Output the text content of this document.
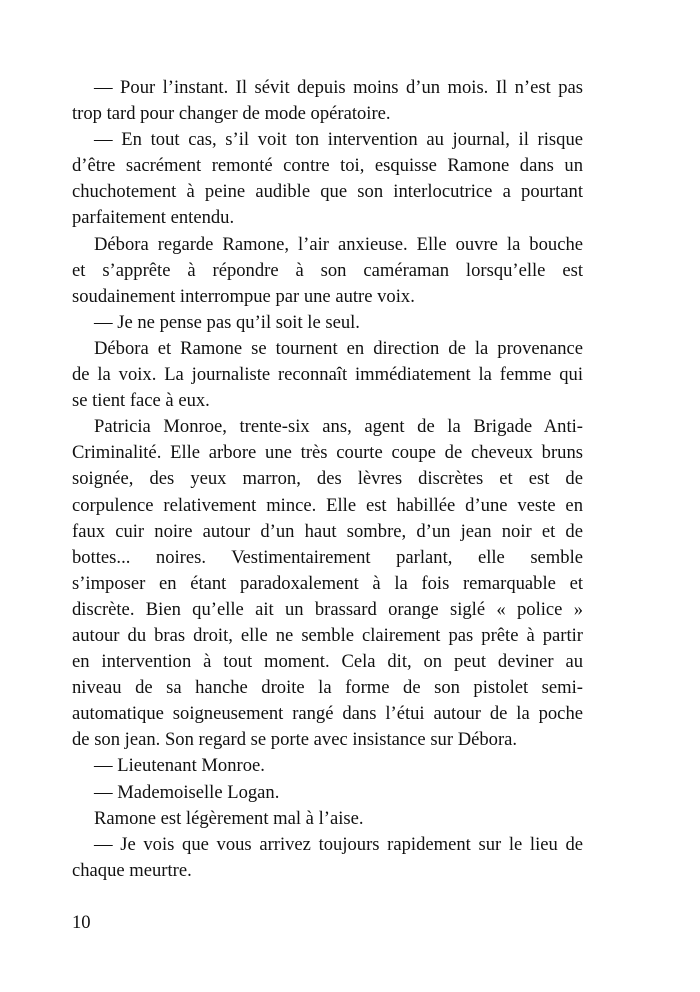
— Pour l’instant. Il sévit depuis moins d’un mois. Il n’est pas
trop tard pour changer de mode opératoire.
— En tout cas, s’il voit ton intervention au journal, il risque
d’être sacrément remonté contre toi, esquisse Ramone dans un
chuchotement à peine audible que son interlocutrice a pourtant
parfaitement entendu.
Débora regarde Ramone, l’air anxieuse. Elle ouvre la bouche
et s’apprête à répondre à son caméraman lorsqu’elle est
soudainement interrompue par une autre voix.
— Je ne pense pas qu’il soit le seul.
Débora et Ramone se tournent en direction de la provenance
de la voix. La journaliste reconnaît immédiatement la femme qui
se tient face à eux.
Patricia Monroe, trente-six ans, agent de la Brigade Anti-
Criminalité. Elle arbore une très courte coupe de cheveux bruns
soignée, des yeux marron, des lèvres discrètes et est de
corpulence relativement mince. Elle est habillée d’une veste en
faux cuir noire autour d’un haut sombre, d’un jean noir et de
bottes... noires. Vestimentairement parlant, elle semble
s’imposer en étant paradoxalement à la fois remarquable et
discrète. Bien qu’elle ait un brassard orange siglé « police »
autour du bras droit, elle ne semble clairement pas prête à partir
en intervention à tout moment. Cela dit, on peut deviner au
niveau de sa hanche droite la forme de son pistolet semi-
automatique soigneusement rangé dans l’étui autour de la poche
de son jean. Son regard se porte avec insistance sur Débora.
— Lieutenant Monroe.
— Mademoiselle Logan.
Ramone est légèrement mal à l’aise.
— Je vois que vous arrivez toujours rapidement sur le lieu de
chaque meurtre.
10
